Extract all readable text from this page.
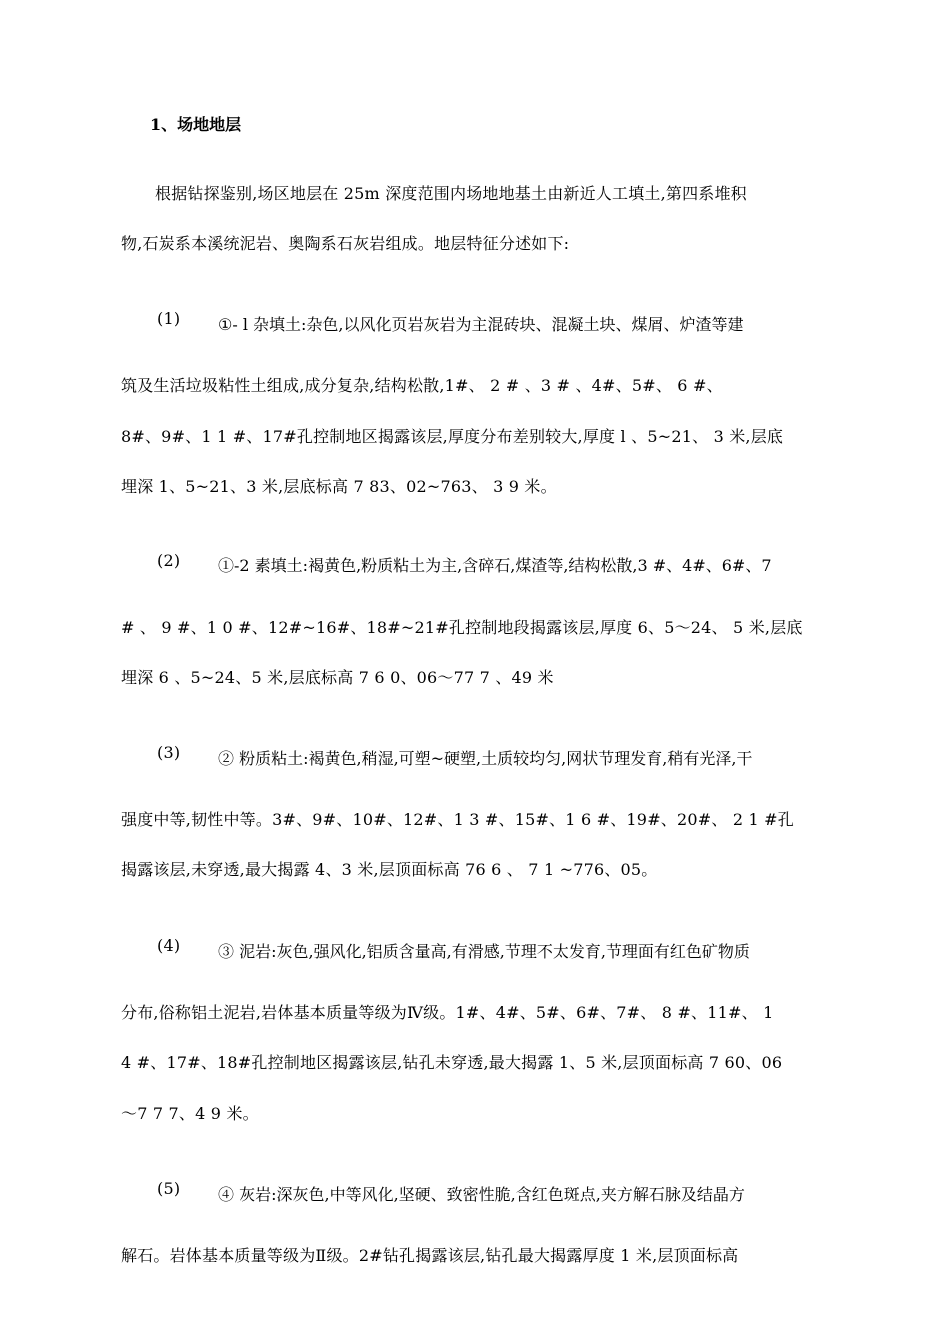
1、场地地层
根据钻探鉴别,场区地层在 25m 深度范围内场地地基土由新近人工填土,第四系堆积
物,石炭系本溪统泥岩、奥陶系石灰岩组成。地层特征分述如下:
(1) ①- l 杂填土:杂色,以风化页岩灰岩为主混砖块、混凝土块、煤屑、炉渣等建
筑及生活垃圾粘性土组成,成分复杂,结构松散,1#、 2 # 、3 # 、4#、5#、 6 #、
8#、9#、1 1 #、17#孔控制地区揭露该层,厚度分布差别较大,厚度 l 、5~21、 3 米,层底
埋深 1、5~21、3 米,层底标高 7 83、02~763、 3 9 米。
(2) ①-2 素填土:褐黄色,粉质粘土为主,含碎石,煤渣等,结构松散,3 #、4#、6#、7
# 、 9 #、1 0 #、12#~16#、18#~21#孔控制地段揭露该层,厚度 6、5～24、 5 米,层底
埋深 6 、5~24、5 米,层底标高 7 6 0、06～77 7 、49 米
(3) ② 粉质粘土:褐黄色,稍湿,可塑~硬塑,土质较均匀,网状节理发育,稍有光泽,干
强度中等,韧性中等。3#、9#、10#、12#、1 3 #、15#、1 6 #、19#、20#、 2 1 #孔
揭露该层,未穿透,最大揭露 4、3 米,层顶面标高 76 6 、 7 1 ~776、05。
(4) ③ 泥岩:灰色,强风化,铝质含量高,有滑感,节理不太发育,节理面有红色矿物质
分布,俗称铝土泥岩,岩体基本质量等级为Ⅳ级。1#、4#、5#、6#、7#、 8 #、11#、 1
4 #、17#、18#孔控制地区揭露该层,钻孔未穿透,最大揭露 1、5 米,层顶面标高 7 60、06
～7 7 7、4 9 米。
(5) ④ 灰岩:深灰色,中等风化,坚硬、致密性脆,含红色斑点,夹方解石脉及结晶方
解石。岩体基本质量等级为Ⅱ级。2#钻孔揭露该层,钻孔最大揭露厚度 1 米,层顶面标高
